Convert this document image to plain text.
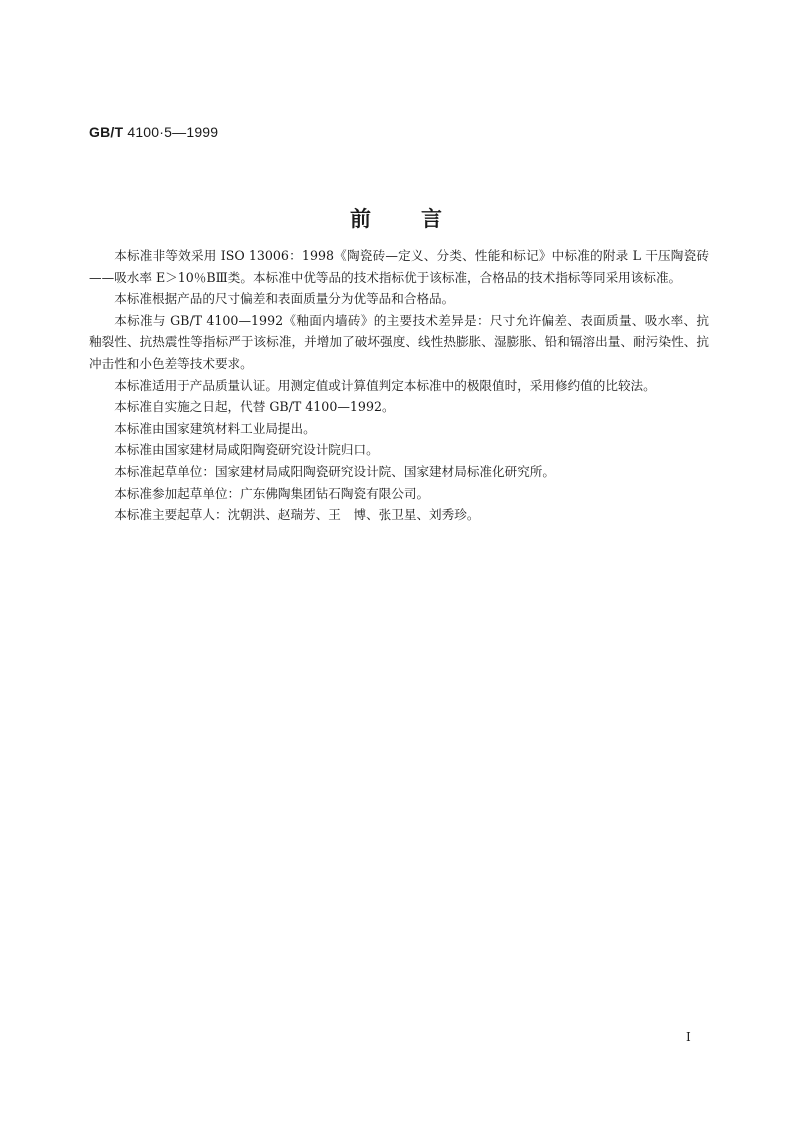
GB/T 4100·5—1999
前 言

本标准非等效采用 ISO 13006：1998《陶瓷砖—定义、分类、性能和标记》中标准的附录 L 干压陶瓷砖——吸水率 E＞10％BⅢ类。本标准中优等品的技术指标优于该标准，合格品的技术指标等同采用该标准。

本标准根据产品的尺寸偏差和表面质量分为优等品和合格品。

本标准与 GB/T 4100—1992《釉面内墙砖》的主要技术差异是：尺寸允许偏差、表面质量、吸水率、抗釉裂性、抗热震性等指标严于该标准，并增加了破坏强度、线性热膨胀、湿膨胀、铅和镉溶出量、耐污染性、抗冲击性和小色差等技术要求。

本标准适用于产品质量认证。用测定值或计算值判定本标准中的极限值时，采用修约值的比较法。

本标准自实施之日起，代替 GB/T 4100—1992。

本标准由国家建筑材料工业局提出。

本标准由国家建材局咸阳陶瓷研究设计院归口。

本标准起草单位：国家建材局咸阳陶瓷研究设计院、国家建材局标准化研究所。

本标准参加起草单位：广东佛陶集团钻石陶瓷有限公司。

本标准主要起草人：沈朝洪、赵瑞芳、王　博、张卫星、刘秀珍。

I
